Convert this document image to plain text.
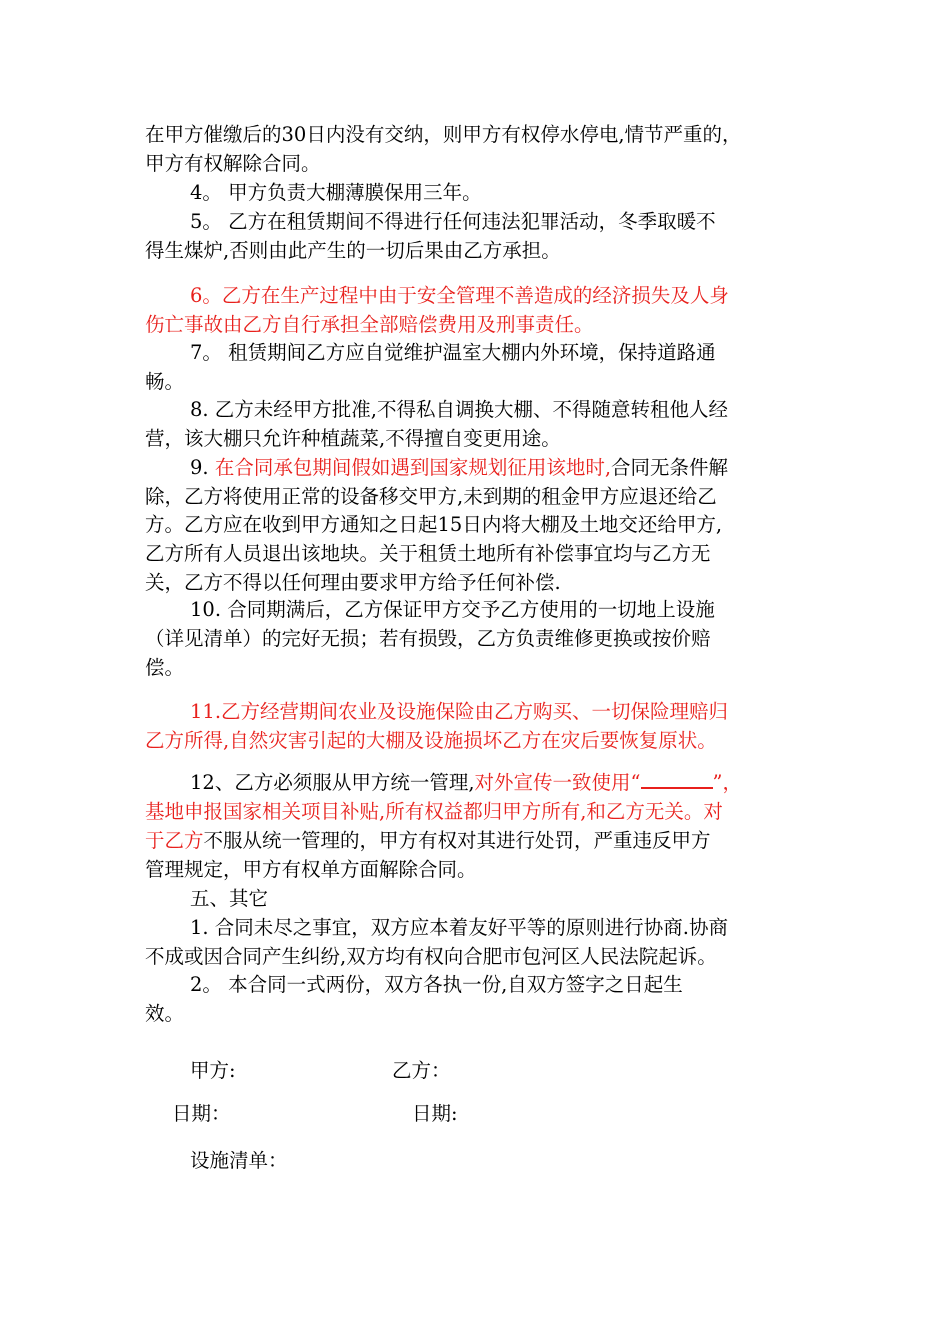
在甲方催缴后的30日内没有交纳，则甲方有权停水停电,情节严重的，
甲方有权解除合同。
4。 甲方负责大棚薄膜保用三年。
5。 乙方在租赁期间不得进行任何违法犯罪活动，冬季取暖不
得生煤炉,否则由此产生的一切后果由乙方承担。
6。乙方在生产过程中由于安全管理不善造成的经济损失及人身
伤亡事故由乙方自行承担全部赔偿费用及刑事责任。
7。 租赁期间乙方应自觉维护温室大棚内外环境，保持道路通
畅。
8. 乙方未经甲方批准,不得私自调换大棚、不得随意转租他人经
营，该大棚只允许种植蔬菜,不得擅自变更用途。
9. 在合同承包期间假如遇到国家规划征用该地时,合同无条件解
除，乙方将使用正常的设备移交甲方,未到期的租金甲方应退还给乙
方。乙方应在收到甲方通知之日起15日内将大棚及土地交还给甲方,
乙方所有人员退出该地块。关于租赁土地所有补偿事宜均与乙方无
关，乙方不得以任何理由要求甲方给予任何补偿.
10. 合同期满后，乙方保证甲方交予乙方使用的一切地上设施
（详见清单）的完好无损；若有损毁，乙方负责维修更换或按价赔
偿。
11.乙方经营期间农业及设施保险由乙方购买、一切保险理赔归
乙方所得,自然灾害引起的大棚及设施损坏乙方在灾后要恢复原状。
12、乙方必须服从甲方统一管理,对外宣传一致使用“	”，
基地申报国家相关项目补贴,所有权益都归甲方所有,和乙方无关。对
于乙方不服从统一管理的，甲方有权对其进行处罚，严重违反甲方
管理规定，甲方有权单方面解除合同。
五、其它
1. 合同未尽之事宜，双方应本着友好平等的原则进行协商.协商
不成或因合同产生纠纷,双方均有权向合肥市包河区人民法院起诉。
2。 本合同一式两份，双方各执一份,自双方签字之日起生
效。
甲方:	乙方：
日期：	日期:
设施清单：
